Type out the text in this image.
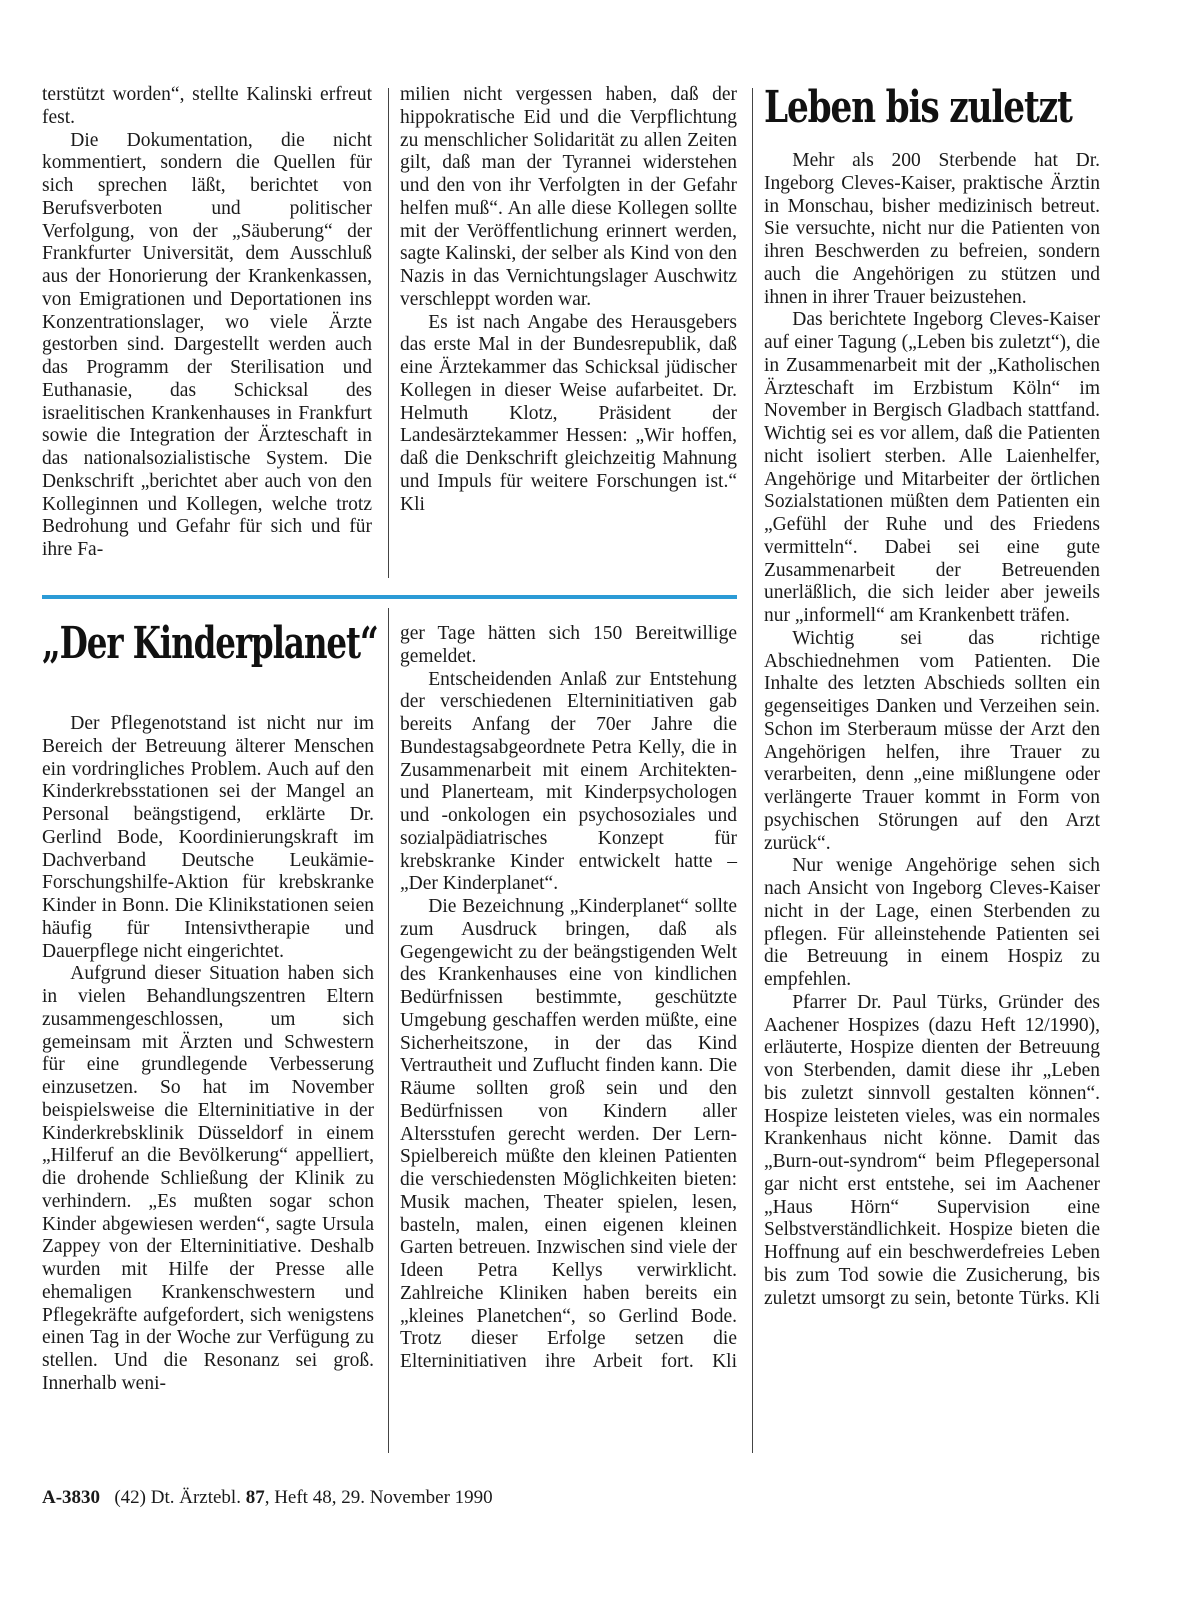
terstützt worden“, stellte Kalinski erfreut fest.

Die Dokumentation, die nicht kommentiert, sondern die Quellen für sich sprechen läßt, berichtet von Berufsverboten und politischer Verfolgung, von der „Säuberung“ der Frankfurter Universität, dem Ausschluß aus der Honorierung der Krankenkassen, von Emigrationen und Deportationen ins Konzentrationslager, wo viele Ärzte gestorben sind. Dargestellt werden auch das Programm der Sterilisation und Euthanasie, das Schicksal des israelitischen Krankenhauses in Frankfurt sowie die Integration der Ärzteschaft in das nationalsozialistische System. Die Denkschrift „berichtet aber auch von den Kolleginnen und Kollegen, welche trotz Bedrohung und Gefahr für sich und für ihre Fa-

milien nicht vergessen haben, daß der hippokratische Eid und die Verpflichtung zu menschlicher Solidarität zu allen Zeiten gilt, daß man der Tyrannei widerstehen und den von ihr Verfolgten in der Gefahr helfen muß“. An alle diese Kollegen sollte mit der Veröffentlichung erinnert werden, sagte Kalinski, der selber als Kind von den Nazis in das Vernichtungslager Auschwitz verschleppt worden war.

Es ist nach Angabe des Herausgebers das erste Mal in der Bundesrepublik, daß eine Ärztekammer das Schicksal jüdischer Kollegen in dieser Weise aufarbeitet. Dr. Helmuth Klotz, Präsident der Landesärztekammer Hessen: „Wir hoffen, daß die Denkschrift gleichzeitig Mahnung und Impuls für weitere Forschungen ist.“ Kli

„Der Kinderplanet“

Der Pflegenotstand ist nicht nur im Bereich der Betreuung älterer Menschen ein vordringliches Problem. Auch auf den Kinderkrebsstationen sei der Mangel an Personal beängstigend, erklärte Dr. Gerlind Bode, Koordinierungskraft im Dachverband Deutsche Leukämie-Forschungshilfe-Aktion für krebskranke Kinder in Bonn. Die Klinikstationen seien häufig für Intensivtherapie und Dauerpflege nicht eingerichtet.

Aufgrund dieser Situation haben sich in vielen Behandlungszentren Eltern zusammengeschlossen, um sich gemeinsam mit Ärzten und Schwestern für eine grundlegende Verbesserung einzusetzen. So hat im November beispielsweise die Elterninitiative in der Kinderkrebsklinik Düsseldorf in einem „Hilferuf an die Bevölkerung“ appelliert, die drohende Schließung der Klinik zu verhindern. „Es mußten sogar schon Kinder abgewiesen werden“, sagte Ursula Zappey von der Elterninitiative. Deshalb wurden mit Hilfe der Presse alle ehemaligen Krankenschwestern und Pflegekräfte aufgefordert, sich wenigstens einen Tag in der Woche zur Verfügung zu stellen. Und die Resonanz sei groß. Innerhalb weni-

ger Tage hätten sich 150 Bereitwillige gemeldet.

Entscheidenden Anlaß zur Entstehung der verschiedenen Elterninitiativen gab bereits Anfang der 70er Jahre die Bundestagsabgeordnete Petra Kelly, die in Zusammenarbeit mit einem Architekten- und Planerteam, mit Kinderpsychologen und -onkologen ein psychosoziales und sozialpädiatrisches Konzept für krebskranke Kinder entwickelt hatte – „Der Kinderplanet“.

Die Bezeichnung „Kinderplanet“ sollte zum Ausdruck bringen, daß als Gegengewicht zu der beängstigenden Welt des Krankenhauses eine von kindlichen Bedürfnissen bestimmte, geschützte Umgebung geschaffen werden müßte, eine Sicherheitszone, in der das Kind Vertrautheit und Zuflucht finden kann. Die Räume sollten groß sein und den Bedürfnissen von Kindern aller Altersstufen gerecht werden. Der Lern-Spielbereich müßte den kleinen Patienten die verschiedensten Möglichkeiten bieten: Musik machen, Theater spielen, lesen, basteln, malen, einen eigenen kleinen Garten betreuen. Inzwischen sind viele der Ideen Petra Kellys verwirklicht. Zahlreiche Kliniken haben bereits ein „kleines Planetchen“, so Gerlind Bode. Trotz dieser Erfolge setzen die Elterninitiativen ihre Arbeit fort. Kli

Leben bis zuletzt

Mehr als 200 Sterbende hat Dr. Ingeborg Cleves-Kaiser, praktische Ärztin in Monschau, bisher medizinisch betreut. Sie versuchte, nicht nur die Patienten von ihren Beschwerden zu befreien, sondern auch die Angehörigen zu stützen und ihnen in ihrer Trauer beizustehen.

Das berichtete Ingeborg Cleves-Kaiser auf einer Tagung („Leben bis zuletzt“), die in Zusammenarbeit mit der „Katholischen Ärzteschaft im Erzbistum Köln“ im November in Bergisch Gladbach stattfand. Wichtig sei es vor allem, daß die Patienten nicht isoliert sterben. Alle Laienhelfer, Angehörige und Mitarbeiter der örtlichen Sozialstationen müßten dem Patienten ein „Gefühl der Ruhe und des Friedens vermitteln“. Dabei sei eine gute Zusammenarbeit der Betreuenden unerläßlich, die sich leider aber jeweils nur „informell“ am Krankenbett träfen.

Wichtig sei das richtige Abschiednehmen vom Patienten. Die Inhalte des letzten Abschieds sollten ein gegenseitiges Danken und Verzeihen sein. Schon im Sterberaum müsse der Arzt den Angehörigen helfen, ihre Trauer zu verarbeiten, denn „eine mißlungene oder verlängerte Trauer kommt in Form von psychischen Störungen auf den Arzt zurück“.

Nur wenige Angehörige sehen sich nach Ansicht von Ingeborg Cleves-Kaiser nicht in der Lage, einen Sterbenden zu pflegen. Für alleinstehende Patienten sei die Betreuung in einem Hospiz zu empfehlen.

Pfarrer Dr. Paul Türks, Gründer des Aachener Hospizes (dazu Heft 12/1990), erläuterte, Hospize dienten der Betreuung von Sterbenden, damit diese ihr „Leben bis zuletzt sinnvoll gestalten können“. Hospize leisteten vieles, was ein normales Krankenhaus nicht könne. Damit das „Burn-out-syndrom“ beim Pflegepersonal gar nicht erst entstehe, sei im Aachener „Haus Hörn“ Supervision eine Selbstverständlichkeit. Hospize bieten die Hoffnung auf ein beschwerdefreies Leben bis zum Tod sowie die Zusicherung, bis zuletzt umsorgt zu sein, betonte Türks. Kli

A-3830 (42) Dt. Ärztebl. 87, Heft 48, 29. November 1990
